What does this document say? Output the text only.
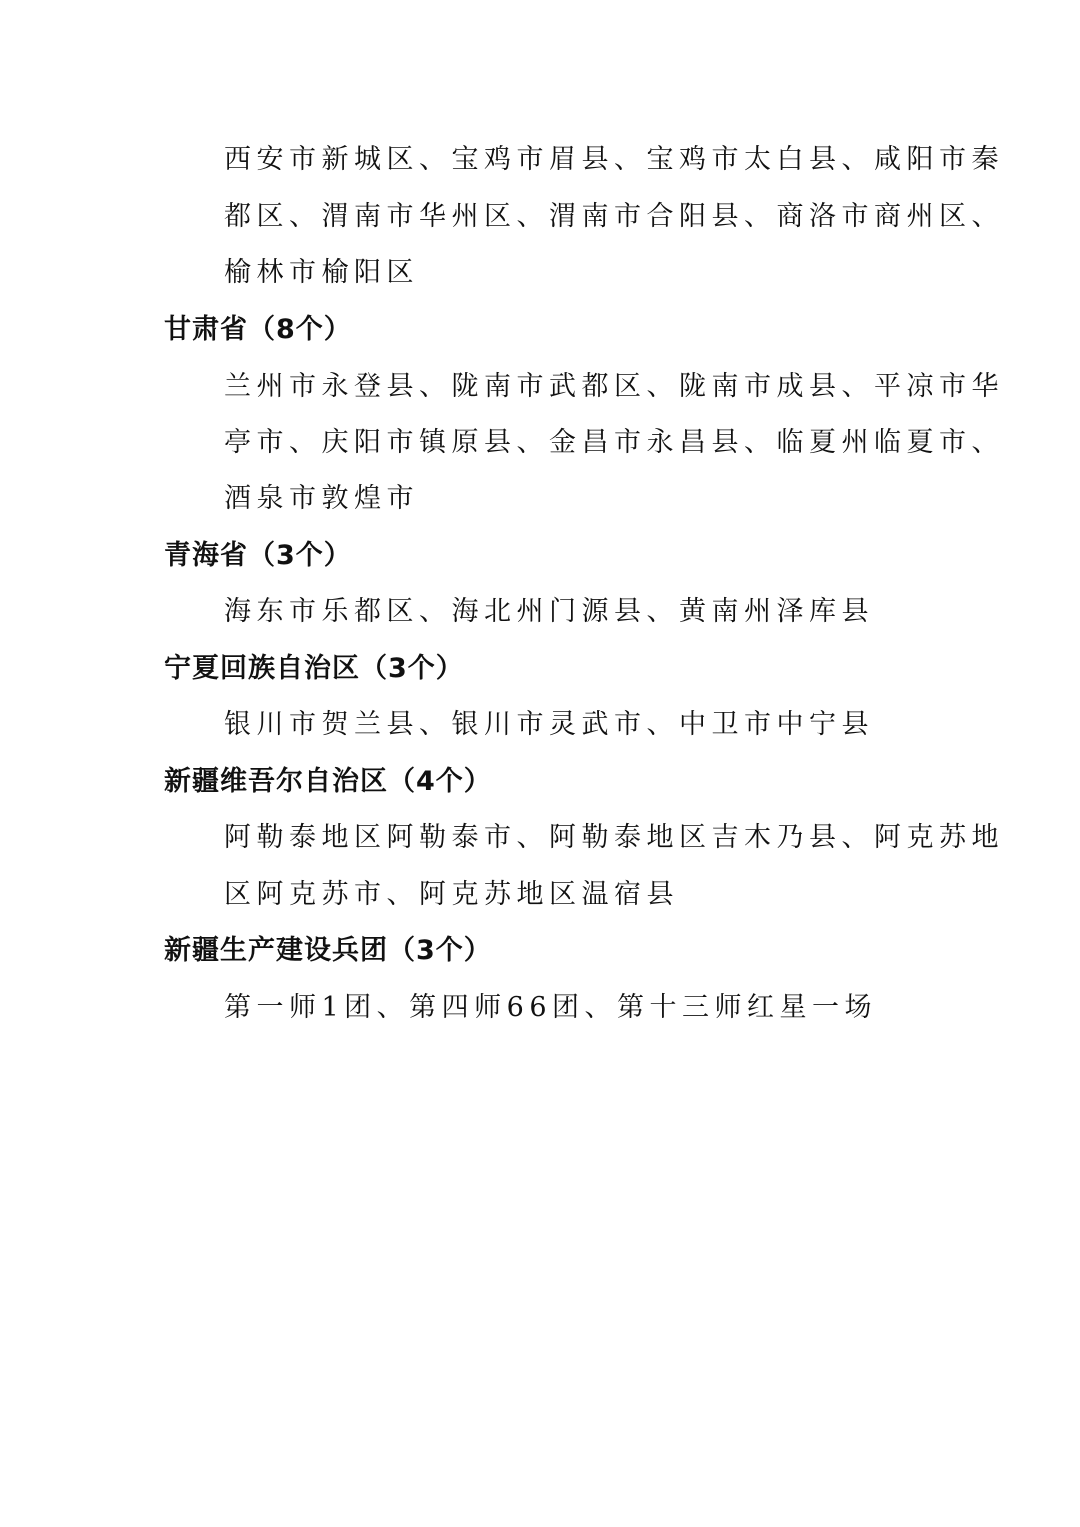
西安市新城区、宝鸡市眉县、宝鸡市太白县、咸阳市秦
都区、渭南市华州区、渭南市合阳县、商洛市商州区、
榆林市榆阳区
甘肃省（8个）
兰州市永登县、陇南市武都区、陇南市成县、平凉市华
亭市、庆阳市镇原县、金昌市永昌县、临夏州临夏市、
酒泉市敦煌市
青海省（3个）
海东市乐都区、海北州门源县、黄南州泽库县
宁夏回族自治区（3个）
银川市贺兰县、银川市灵武市、中卫市中宁县
新疆维吾尔自治区（4个）
阿勒泰地区阿勒泰市、阿勒泰地区吉木乃县、阿克苏地
区阿克苏市、阿克苏地区温宿县
新疆生产建设兵团（3个）
第一师1团、第四师66团、第十三师红星一场
